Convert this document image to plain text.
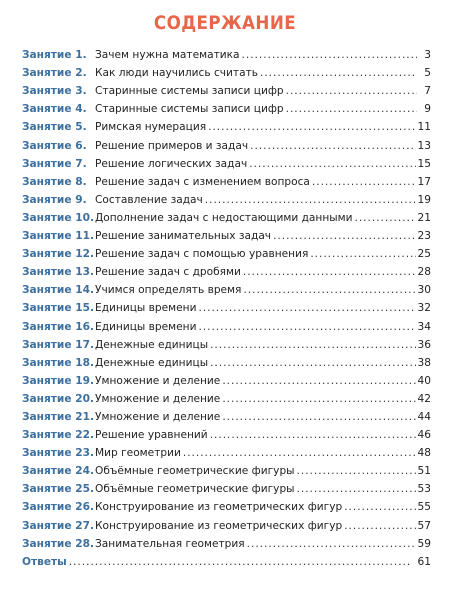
СОДЕРЖАНИЕ
Занятие 1. Зачем нужна математика . . .	3
Занятие 2. Как люди научились считать . . .	5
Занятие 3. Старинные системы записи цифр . . .	7
Занятие 4. Старинные системы записи цифр . . .	9
Занятие 5. Римская нумерация . . .	11
Занятие 6. Решение примеров и задач . . .	13
Занятие 7. Решение логических задач . . .	15
Занятие 8. Решение задач с изменением вопроса . . .	17
Занятие 9. Составление задач . . .	19
Занятие 10. Дополнение задач с недостающими данными . . .	21
Занятие 11. Решение занимательных задач . . .	23
Занятие 12. Решение задач с помощью уравнения . . .	25
Занятие 13. Решение задач с дробями . . .	28
Занятие 14. Учимся определять время . . .	30
Занятие 15. Единицы времени . . .	32
Занятие 16. Единицы времени . . .	34
Занятие 17. Денежные единицы . . .	36
Занятие 18. Денежные единицы . . .	38
Занятие 19. Умножение и деление . . .	40
Занятие 20. Умножение и деление . . .	42
Занятие 21. Умножение и деление . . .	44
Занятие 22. Решение уравнений . . .	46
Занятие 23. Мир геометрии . . .	48
Занятие 24. Объёмные геометрические фигуры . . .	51
Занятие 25. Объёмные геометрические фигуры . . .	53
Занятие 26. Конструирование из геометрических фигур . . .	55
Занятие 27. Конструирование из геометрических фигур . . .	57
Занятие 28. Занимательная геометрия . . .	59
Ответы . . .	61
